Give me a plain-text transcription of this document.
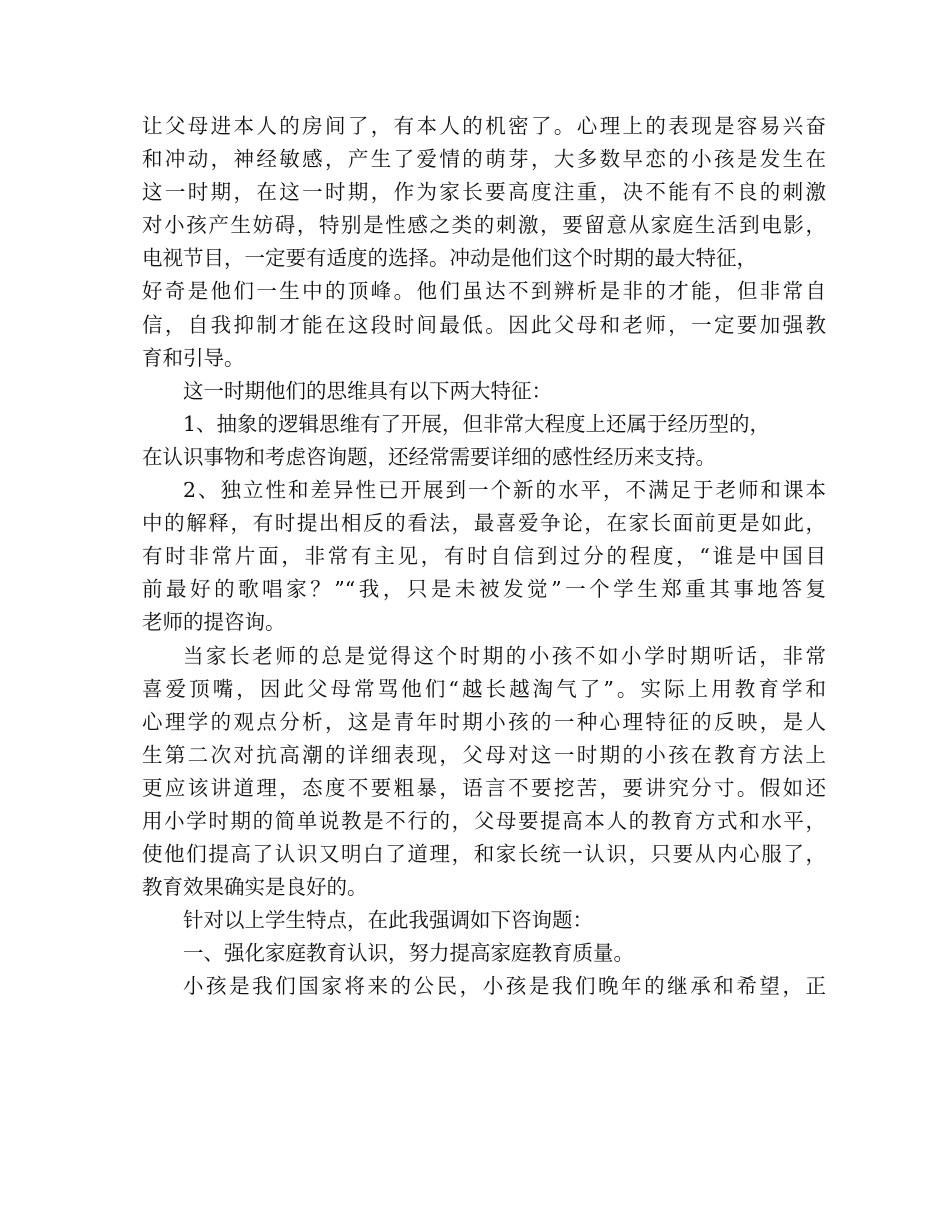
让父母进本人的房间了，有本人的机密了。心理上的表现是容易兴奋
和冲动，神经敏感，产生了爱情的萌芽，大多数早恋的小孩是发生在
这一时期，在这一时期，作为家长要高度注重，决不能有不良的刺激
对小孩产生妨碍，特别是性感之类的刺激，要留意从家庭生活到电影，
电视节目，一定要有适度的选择。冲动是他们这个时期的最大特征，
好奇是他们一生中的顶峰。他们虽达不到辨析是非的才能，但非常自
信，自我抑制才能在这段时间最低。因此父母和老师，一定要加强教
育和引导。
这一时期他们的思维具有以下两大特征：
1、抽象的逻辑思维有了开展，但非常大程度上还属于经历型的，
在认识事物和考虑咨询题，还经常需要详细的感性经历来支持。
2、独立性和差异性已开展到一个新的水平，不满足于老师和课本
中的解释，有时提出相反的看法，最喜爱争论，在家长面前更是如此，
有时非常片面，非常有主见，有时自信到过分的程度，“谁是中国目
前最好的歌唱家？”“我，只是未被发觉”一个学生郑重其事地答复
老师的提咨询。
当家长老师的总是觉得这个时期的小孩不如小学时期听话，非常
喜爱顶嘴，因此父母常骂他们“越长越淘气了”。实际上用教育学和
心理学的观点分析，这是青年时期小孩的一种心理特征的反映，是人
生第二次对抗高潮的详细表现，父母对这一时期的小孩在教育方法上
更应该讲道理，态度不要粗暴，语言不要挖苦，要讲究分寸。假如还
用小学时期的简单说教是不行的，父母要提高本人的教育方式和水平，
使他们提高了认识又明白了道理，和家长统一认识，只要从内心服了，
教育效果确实是良好的。
针对以上学生特点，在此我强调如下咨询题：
一、强化家庭教育认识，努力提高家庭教育质量。
小孩是我们国家将来的公民，小孩是我们晚年的继承和希望，正
